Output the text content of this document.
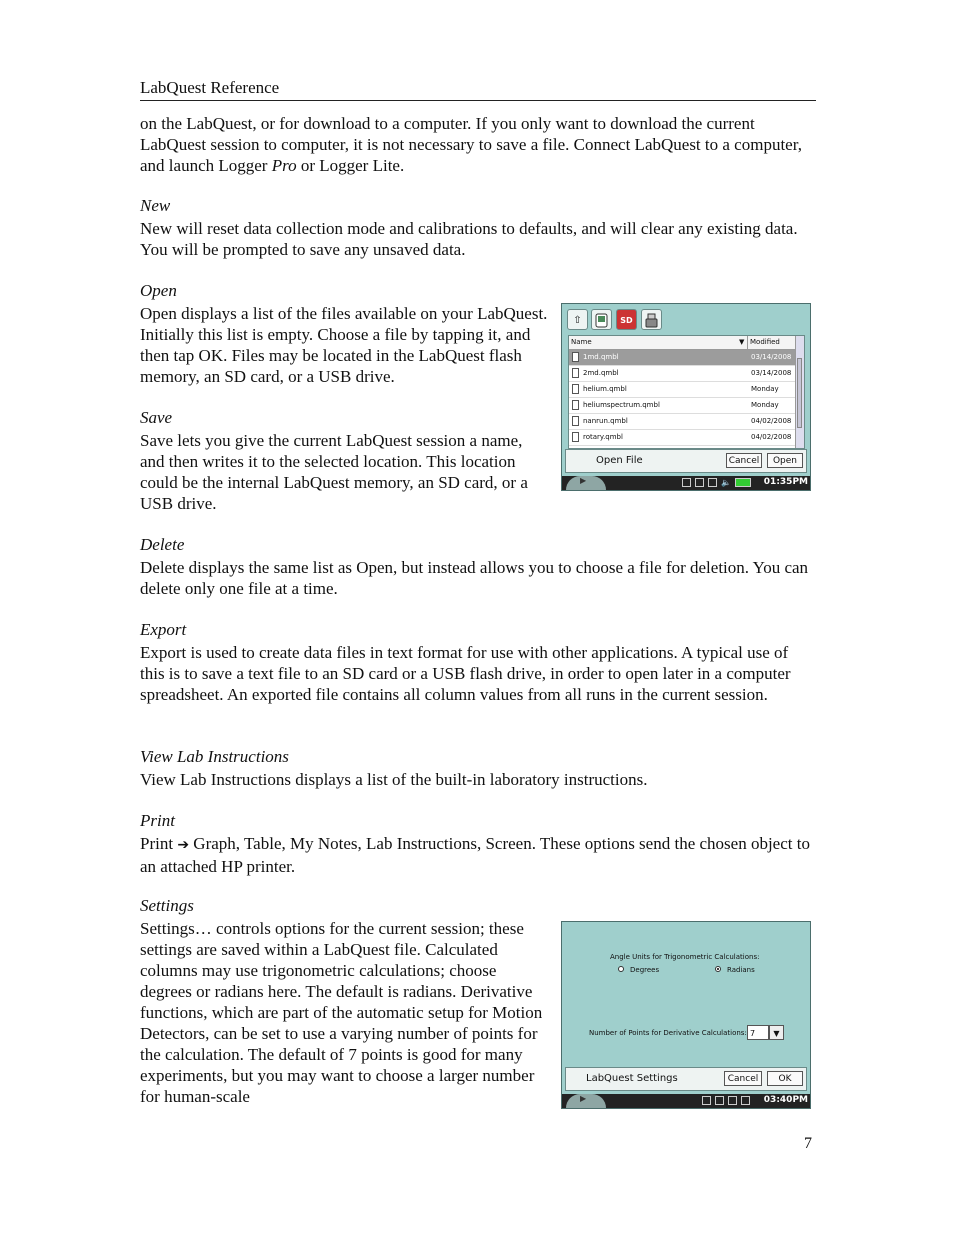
LabQuest Reference

on the LabQuest, or for download to a computer. If you only want to download the current LabQuest session to computer, it is not necessary to save a file. Connect LabQuest to a computer, and launch Logger Pro or Logger Lite.

New

New will reset data collection mode and calibrations to defaults, and will clear any existing data. You will be prompted to save any unsaved data.

Open

Open displays a list of the files available on your LabQuest. Initially this list is empty. Choose a file by tapping it, and then tap OK. Files may be located in the LabQuest flash memory, an SD card, or a USB drive.

Save

Save lets you give the current LabQuest session a name, and then writes it to the selected location. This location could be the internal LabQuest memory, an SD card, or a USB drive.

Delete

Delete displays the same list as Open, but instead allows you to choose a file for deletion. You can delete only one file at a time.

Export

Export is used to create data files in text format for use with other applications. A typical use of this is to save a text file to an SD card or a USB flash drive, in order to open later in a computer spreadsheet. An exported file contains all column values from all runs in the current session.

View Lab Instructions

View Lab Instructions displays a list of the built-in laboratory instructions.

Print

Print ➔ Graph, Table, My Notes, Lab Instructions, Screen. These options send the chosen object to an attached HP printer.

Settings

Settings… controls options for the current session; these settings are saved within a LabQuest file. Calculated columns may use trigonometric calculations; choose degrees or radians here. The default is radians. Derivative functions, which are part of the automatic setup for Motion Detectors, can be set to use a varying number of points for the calculation. The default of 7 points is good for many experiments, but you may want to choose a larger number for human-scale

⇧	SD
Name	▼ Modified
1md.qmbl	03/14/2008
2md.qmbl	03/14/2008
helium.qmbl	Monday
heliumspectrum.qmbl	Monday
nanrun.qmbl	04/02/2008
rotary.qmbl	04/02/2008
Open File	Cancel	Open
▶	🔈	01:35PM
Angle Units for Trigonometric Calculations:
Degrees	Radians
Number of Points for Derivative Calculations: 7	▼
LabQuest Settings	Cancel	OK
▶	03:40PM
7
